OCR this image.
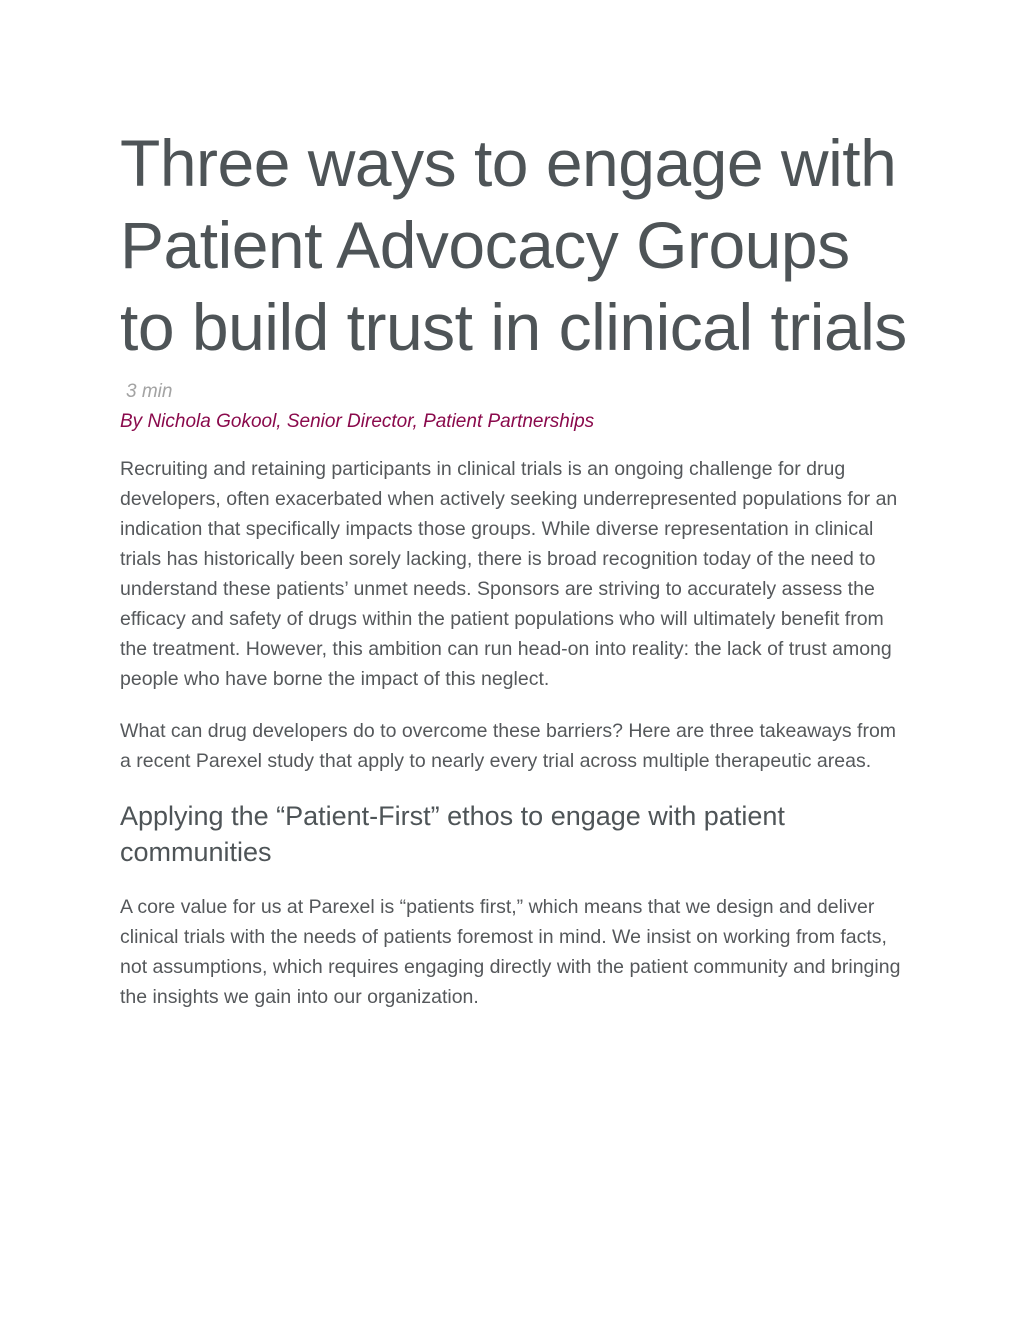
Three ways to engage with Patient Advocacy Groups to build trust in clinical trials
3 min
By Nichola Gokool, Senior Director, Patient Partnerships

Recruiting and retaining participants in clinical trials is an ongoing challenge for drug developers, often exacerbated when actively seeking underrepresented populations for an indication that specifically impacts those groups. While diverse representation in clinical trials has historically been sorely lacking, there is broad recognition today of the need to understand these patients’ unmet needs. Sponsors are striving to accurately assess the efficacy and safety of drugs within the patient populations who will ultimately benefit from the treatment. However, this ambition can run head-on into reality: the lack of trust among people who have borne the impact of this neglect.

What can drug developers do to overcome these barriers? Here are three takeaways from a recent Parexel study that apply to nearly every trial across multiple therapeutic areas.

Applying the “Patient-First” ethos to engage with patient communities

A core value for us at Parexel is “patients first,” which means that we design and deliver clinical trials with the needs of patients foremost in mind. We insist on working from facts, not assumptions, which requires engaging directly with the patient community and bringing the insights we gain into our organization.
